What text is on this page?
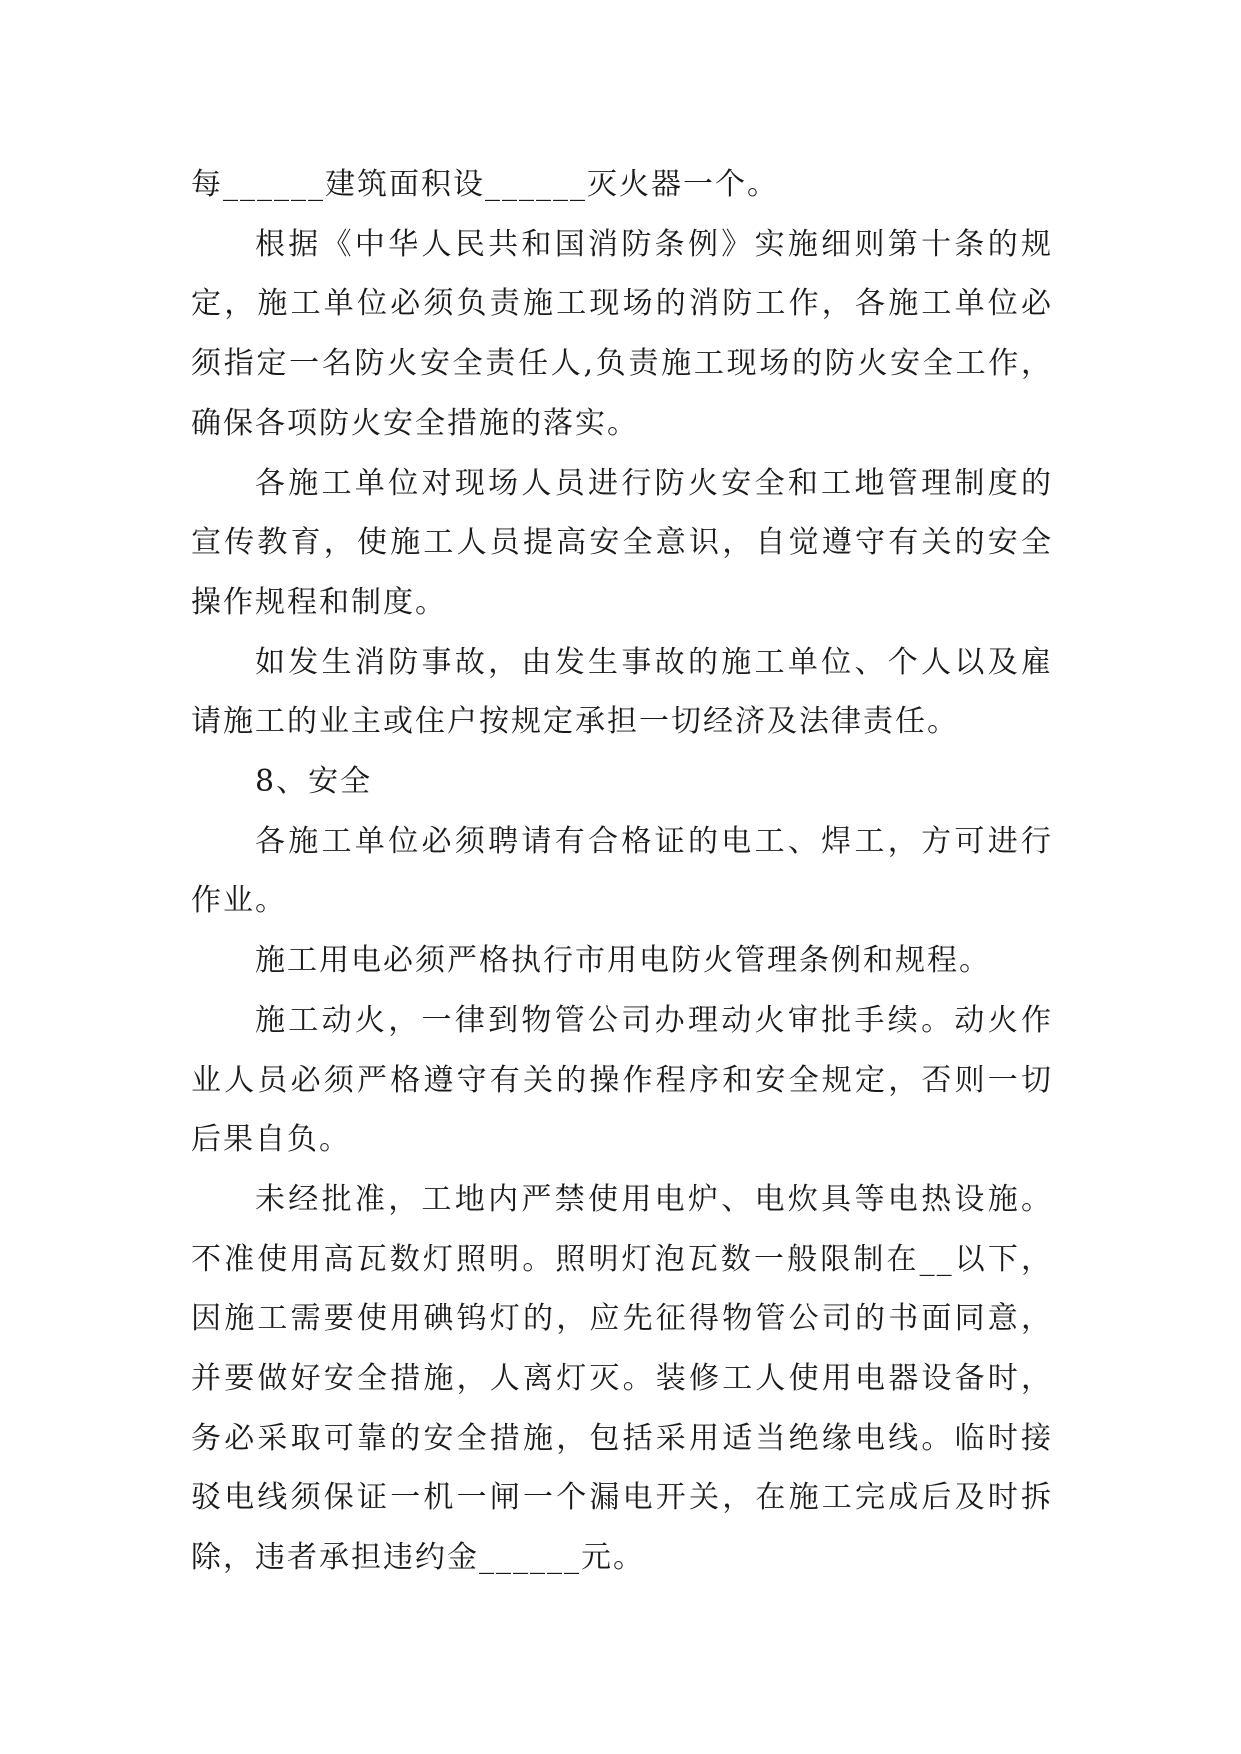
每______建筑面积设______灭火器一个。

根据《中华人民共和国消防条例》实施细则第十条的规定，施工单位必须负责施工现场的消防工作，各施工单位必须指定一名防火安全责任人,负责施工现场的防火安全工作，确保各项防火安全措施的落实。

各施工单位对现场人员进行防火安全和工地管理制度的宣传教育，使施工人员提高安全意识，自觉遵守有关的安全操作规程和制度。

如发生消防事故，由发生事故的施工单位、个人以及雇请施工的业主或住户按规定承担一切经济及法律责任。

8、安全

各施工单位必须聘请有合格证的电工、焊工，方可进行作业。

施工用电必须严格执行市用电防火管理条例和规程。

施工动火，一律到物管公司办理动火审批手续。动火作业人员必须严格遵守有关的操作程序和安全规定，否则一切后果自负。

未经批准，工地内严禁使用电炉、电炊具等电热设施。不准使用高瓦数灯照明。照明灯泡瓦数一般限制在__以下，因施工需要使用碘钨灯的，应先征得物管公司的书面同意，并要做好安全措施，人离灯灭。装修工人使用电器设备时，务必采取可靠的安全措施，包括采用适当绝缘电线。临时接驳电线须保证一机一闸一个漏电开关，在施工完成后及时拆除，违者承担违约金______元。
